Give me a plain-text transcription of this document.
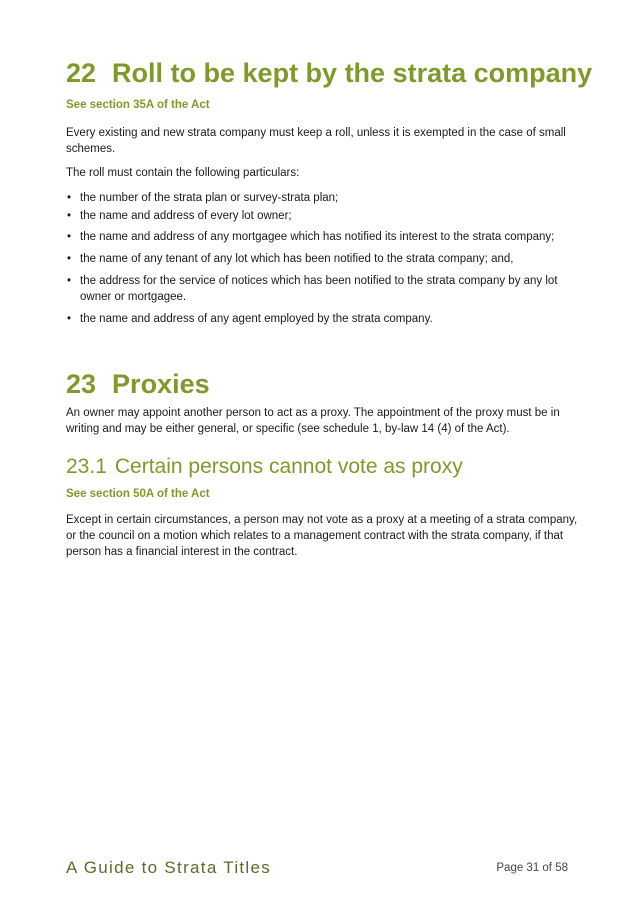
22 Roll to be kept by the strata company

See section 35A of the Act

Every existing and new strata company must keep a roll, unless it is exempted in the case of small schemes.

The roll must contain the following particulars:

• the number of the strata plan or survey-strata plan;
• the name and address of every lot owner;
• the name and address of any mortgagee which has notified its interest to the strata company;
• the name of any tenant of any lot which has been notified to the strata company; and,
• the address for the service of notices which has been notified to the strata company by any lot owner or mortgagee.
• the name and address of any agent employed by the strata company.
23 Proxies

An owner may appoint another person to act as a proxy. The appointment of the proxy must be in writing and may be either general, or specific (see schedule 1, by-law 14 (4) of the Act).

23.1 Certain persons cannot vote as proxy

See section 50A of the Act

Except in certain circumstances, a person may not vote as a proxy at a meeting of a strata company, or the council on a motion which relates to a management contract with the strata company, if that person has a financial interest in the contract.

A Guide to Strata Titles	Page 31 of 58
